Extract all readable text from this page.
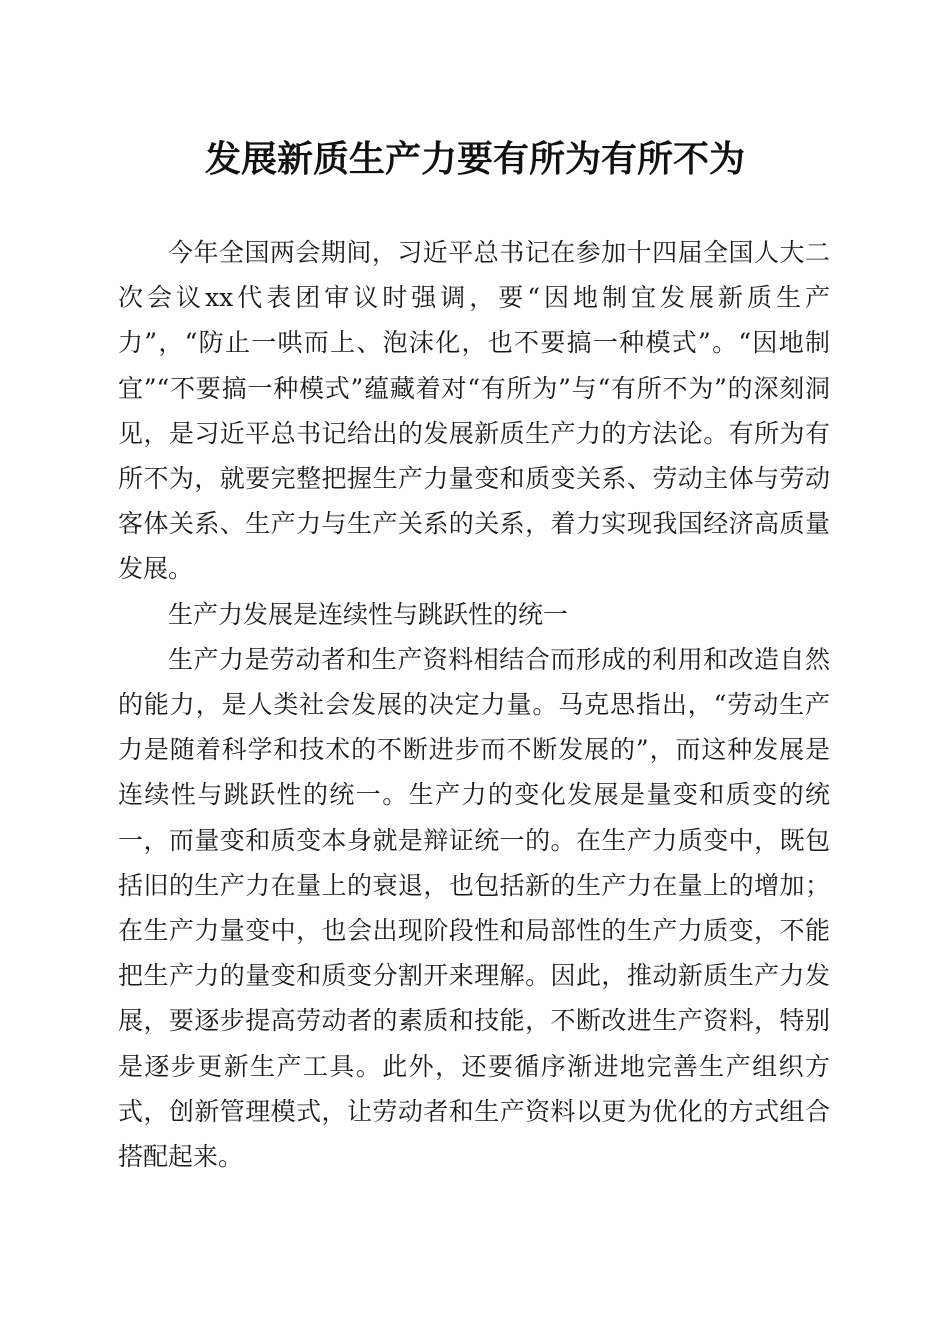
发展新质生产力要有所为有所不为

今年全国两会期间，习近平总书记在参加十四届全国人大二次会议xx代表团审议时强调，要“因地制宜发展新质生产力”，“防止一哄而上、泡沫化，也不要搞一种模式”。“因地制宜”“不要搞一种模式”蕴藏着对“有所为”与“有所不为”的深刻洞见，是习近平总书记给出的发展新质生产力的方法论。有所为有所不为，就要完整把握生产力量变和质变关系、劳动主体与劳动客体关系、生产力与生产关系的关系，着力实现我国经济高质量发展。

生产力发展是连续性与跳跃性的统一

生产力是劳动者和生产资料相结合而形成的利用和改造自然的能力，是人类社会发展的决定力量。马克思指出，“劳动生产力是随着科学和技术的不断进步而不断发展的”，而这种发展是连续性与跳跃性的统一。生产力的变化发展是量变和质变的统一，而量变和质变本身就是辩证统一的。在生产力质变中，既包括旧的生产力在量上的衰退，也包括新的生产力在量上的增加；在生产力量变中，也会出现阶段性和局部性的生产力质变，不能把生产力的量变和质变分割开来理解。因此，推动新质生产力发展，要逐步提高劳动者的素质和技能，不断改进生产资料，特别是逐步更新生产工具。此外，还要循序渐进地完善生产组织方式，创新管理模式，让劳动者和生产资料以更为优化的方式组合搭配起来。
